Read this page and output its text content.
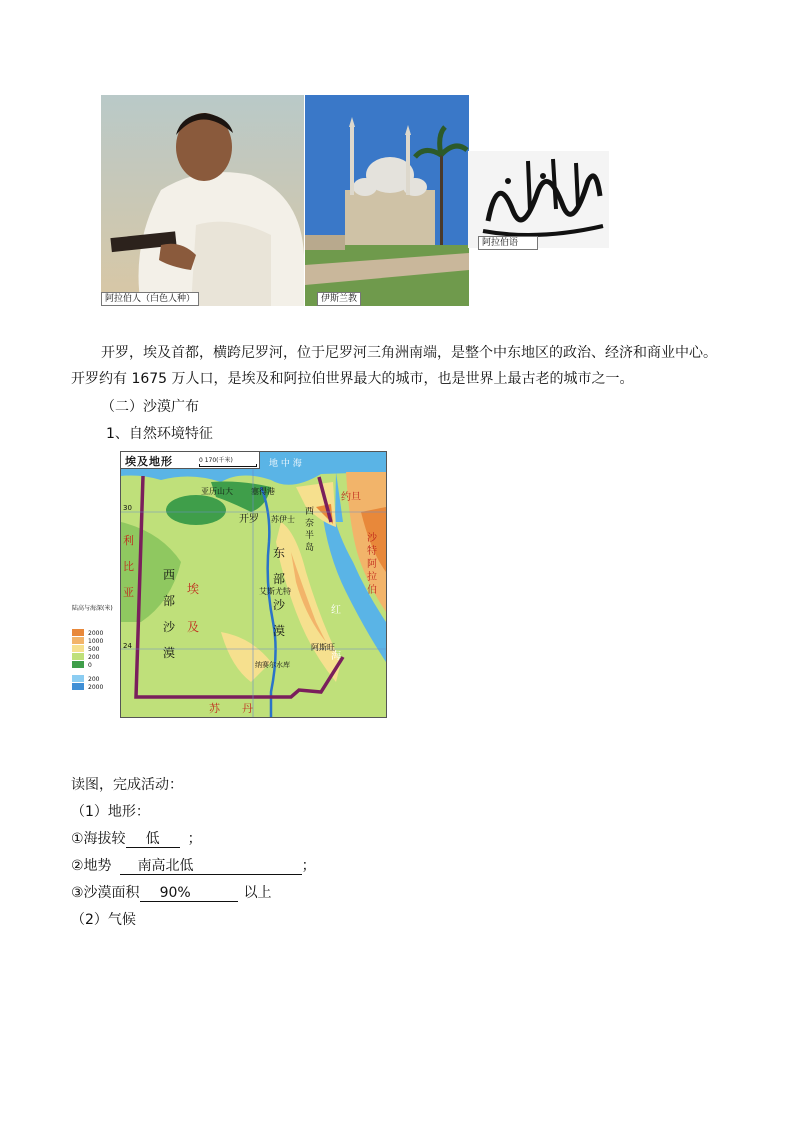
阿拉伯人（白色人种）	伊斯兰教
阿拉伯语
开罗，埃及首都，横跨尼罗河，位于尼罗河三角洲南端，是整个中东地区的政治、经济和商业中心。
开罗约有 1675 万人口，是埃及和阿拉伯世界最大的城市，也是世界上最古老的城市之一。
（二）沙漠广布
1、自然环境特征
埃及地形	0 170(千米)	地 中 海
亚历山大 塞得港
开罗 苏伊士
西奈半岛
约旦
沙特阿拉伯
利比亚
西部沙漠
埃及
东部沙漠
红海
阿斯旺
艾斯尤特
纳赛尔水库
苏丹
30
24
陆高与海深(米)
2000
1000
500
200
0
200
2000
读图，完成活动：
（1）地形：
①海拔较 低 ；
②地势 南高北低	；
③沙漠面积 90%	以上
（2）气候
